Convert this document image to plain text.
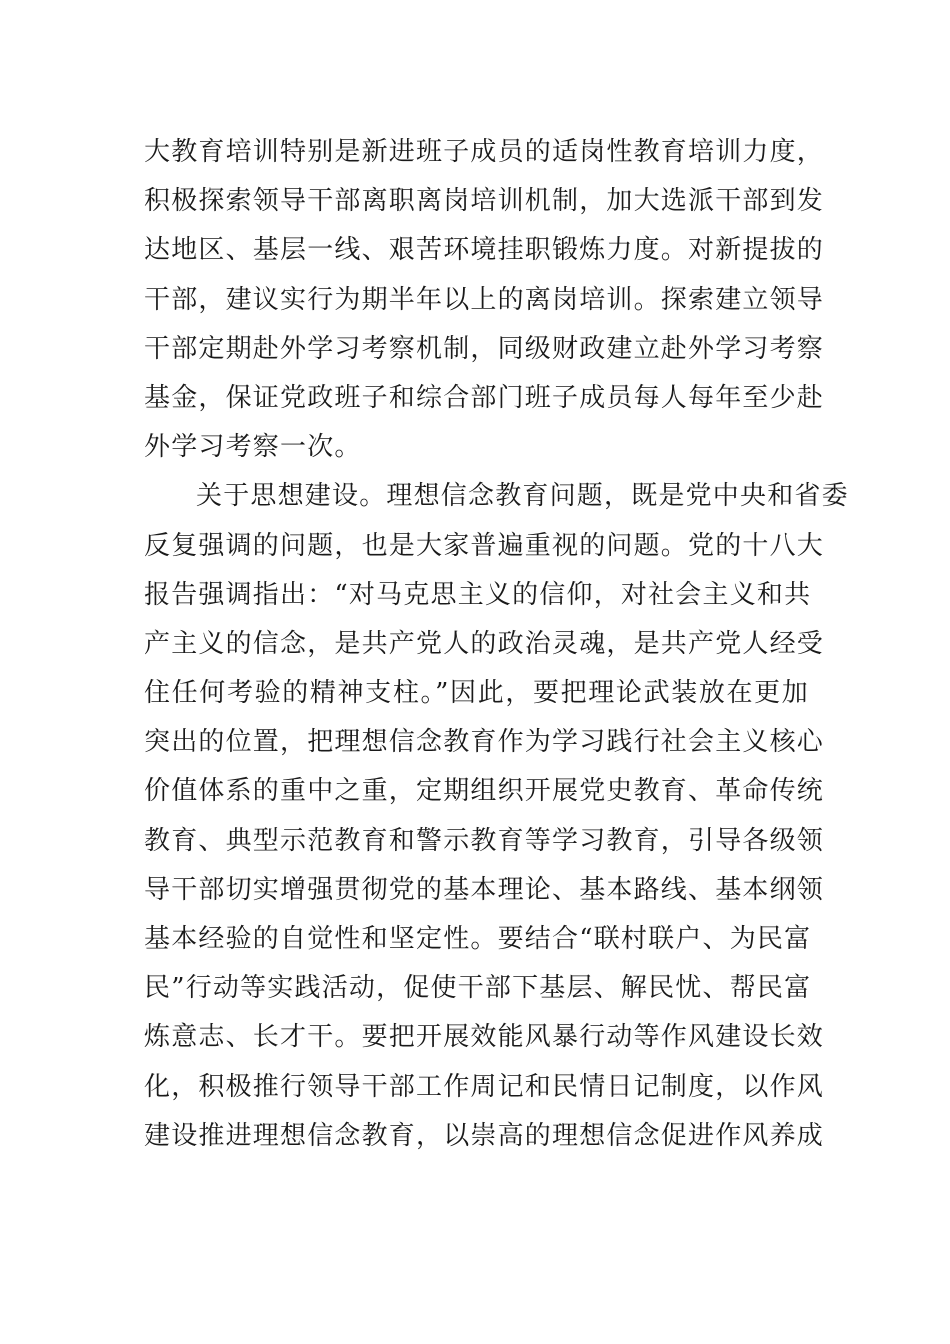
大教育培训特别是新进班子成员的适岗性教育培训力度，
积极探索领导干部离职离岗培训机制，加大选派干部到发
达地区、基层一线、艰苦环境挂职锻炼力度。对新提拔的
干部，建议实行为期半年以上的离岗培训。探索建立领导
干部定期赴外学习考察机制，同级财政建立赴外学习考察
基金，保证党政班子和综合部门班子成员每人每年至少赴
外学习考察一次。
关于思想建设。理想信念教育问题，既是党中央和省委
反复强调的问题，也是大家普遍重视的问题。党的十八大
报告强调指出：“对马克思主义的信仰，对社会主义和共
产主义的信念，是共产党人的政治灵魂，是共产党人经受
住任何考验的精神支柱。”因此，要把理论武装放在更加
突出的位置，把理想信念教育作为学习践行社会主义核心
价值体系的重中之重，定期组织开展党史教育、革命传统
教育、典型示范教育和警示教育等学习教育，引导各级领
导干部切实增强贯彻党的基本理论、基本路线、基本纲领
基本经验的自觉性和坚定性。要结合“联村联户、为民富
民”行动等实践活动，促使干部下基层、解民忧、帮民富
炼意志、长才干。要把开展效能风暴行动等作风建设长效
化，积极推行领导干部工作周记和民情日记制度，以作风
建设推进理想信念教育，以崇高的理想信念促进作风养成
